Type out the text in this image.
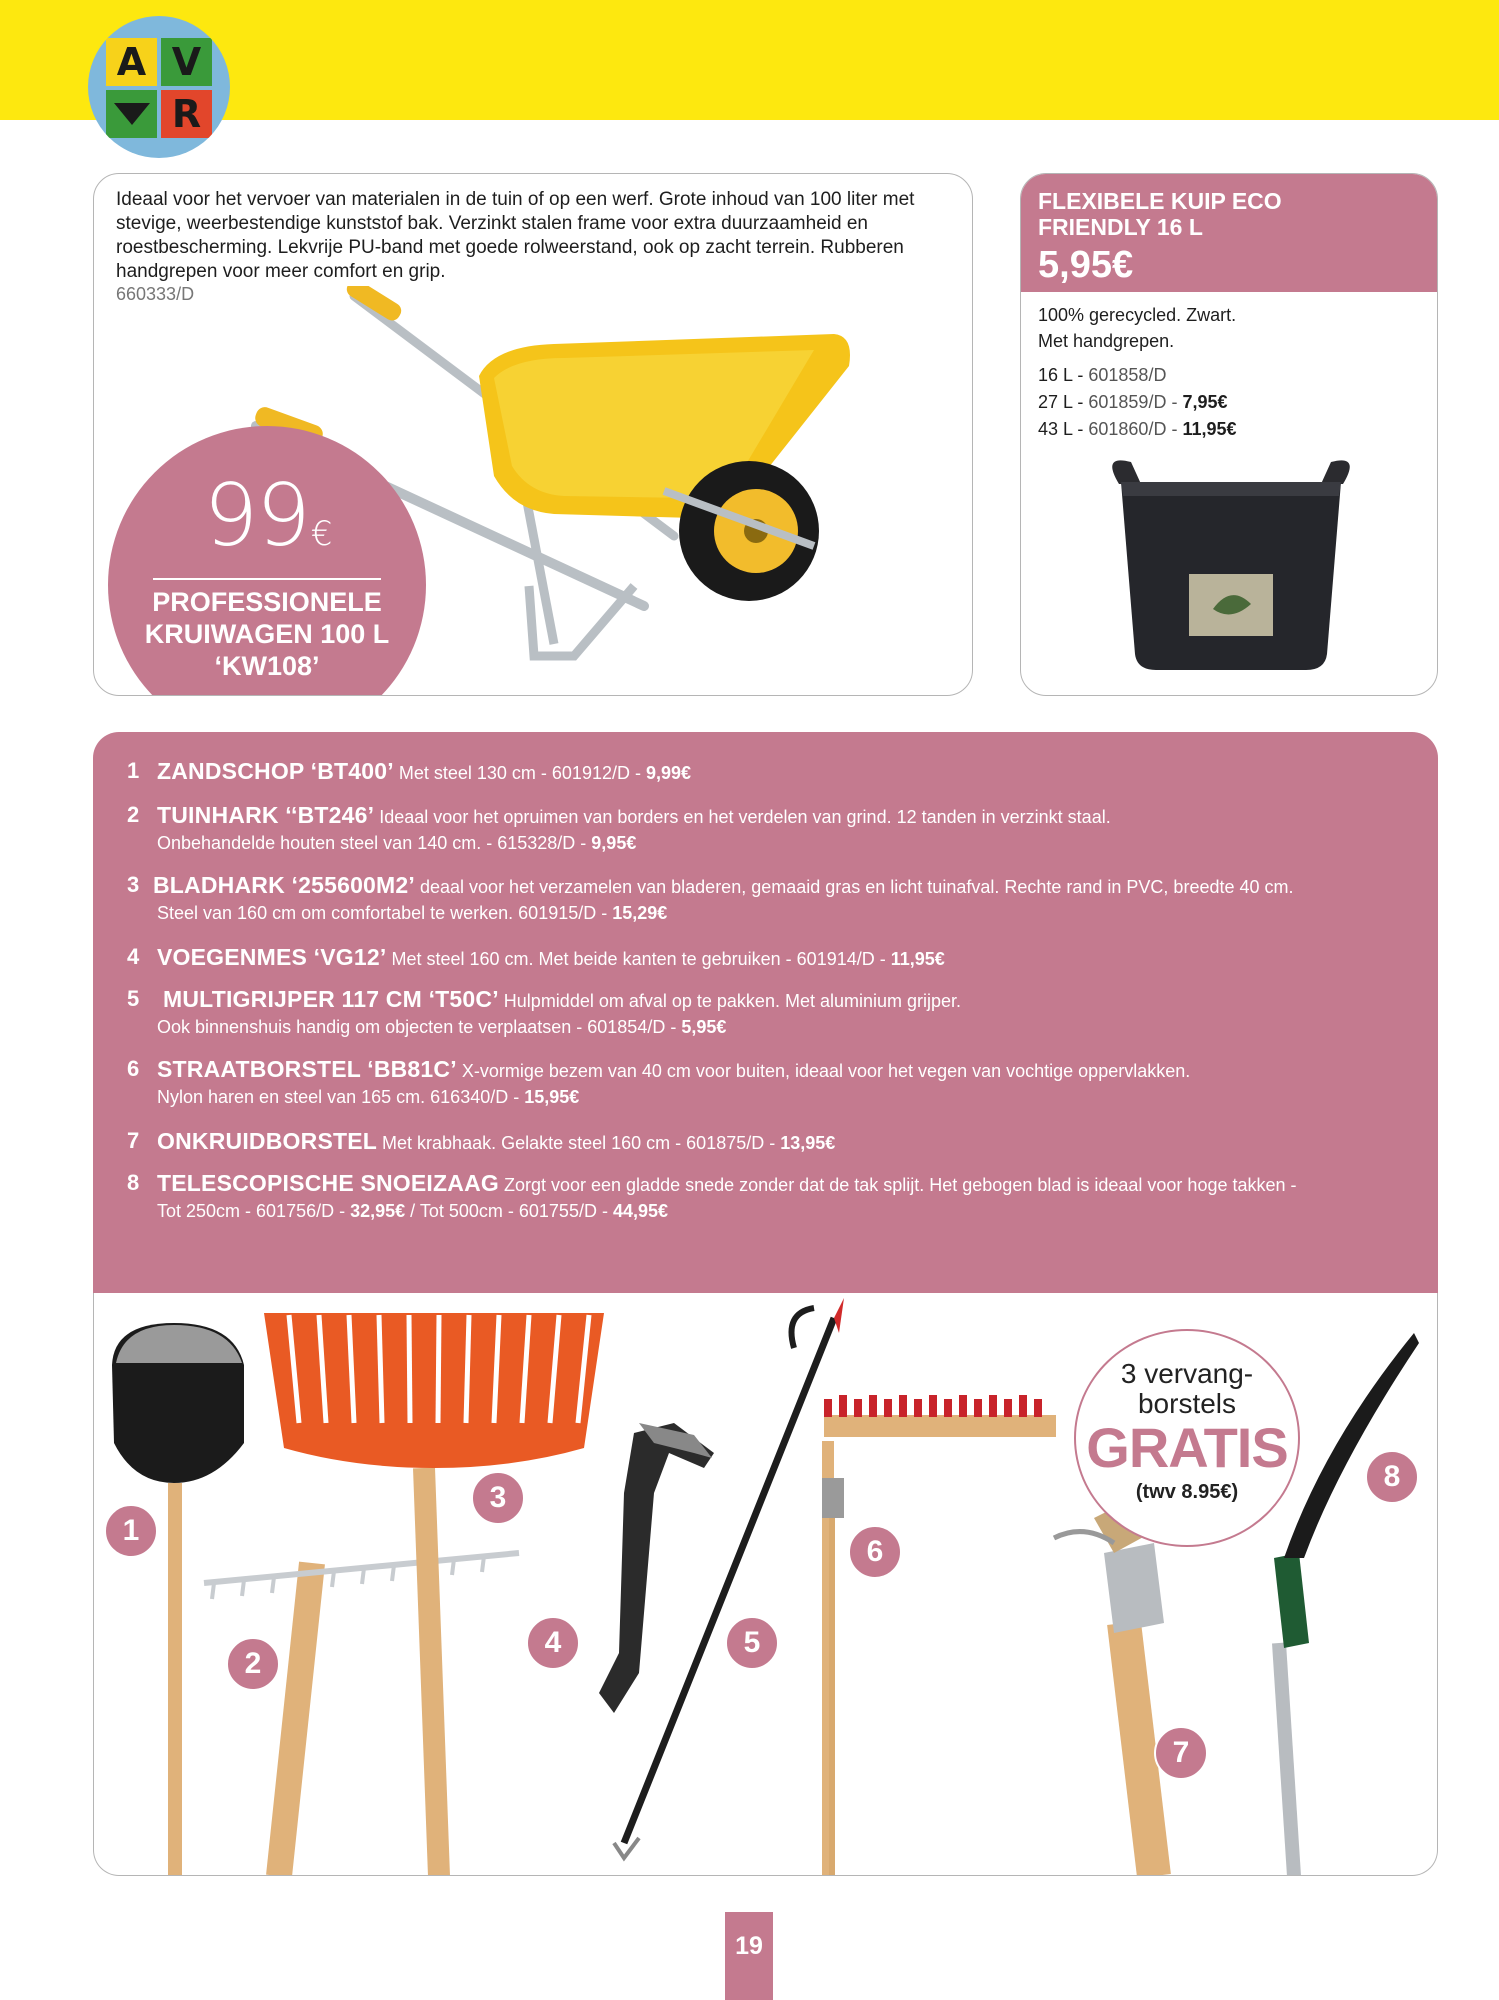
A V
R
Ideaal voor het vervoer van materialen in de tuin of op een werf. Grote inhoud van 100 liter met stevige, weerbestendige kunststof bak. Verzinkt stalen frame voor extra duurzaamheid en roestbescherming. Lekvrije PU-band met goede rolweerstand, ook op zacht terrein. Rubberen handgrepen voor meer comfort en grip.
660333/D
99€
PROFESSIONELE
KRUIWAGEN 100 L
‘KW108’
FLEXIBELE KUIP ECO
FRIENDLY 16 L
5,95€
100% gerecycled. Zwart.
Met handgrepen.
16 L - 601858/D
27 L - 601859/D - 7,95€
43 L - 601860/D - 11,95€
1 ZANDSCHOP ‘BT400’ Met steel 130 cm - 601912/D - 9,99€
2 TUINHARK ‘‘BT246’ Ideaal voor het opruimen van borders en het verdelen van grind. 12 tanden in verzinkt staal.
Onbehandelde houten steel van 140 cm. - 615328/D - 9,95€
3 BLADHARK ‘255600M2’ deaal voor het verzamelen van bladeren, gemaaid gras en licht tuinafval. Rechte rand in PVC, breedte 40 cm.
Steel van 160 cm om comfortabel te werken. 601915/D - 15,29€
4 VOEGENMES ‘VG12’ Met steel 160 cm. Met beide kanten te gebruiken - 601914/D - 11,95€
5	MULTIGRIJPER 117 CM ‘T50C’ Hulpmiddel om afval op te pakken. Met aluminium grijper.
Ook binnenshuis handig om objecten te verplaatsen - 601854/D - 5,95€
6 STRAATBORSTEL ‘BB81C’ X-vormige bezem van 40 cm voor buiten, ideaal voor het vegen van vochtige oppervlakken.
Nylon haren en steel van 165 cm. 616340/D - 15,95€
7 ONKRUIDBORSTEL Met krabhaak. Gelakte steel 160 cm - 601875/D - 13,95€
8 TELESCOPISCHE SNOEIZAAG Zorgt voor een gladde snede zonder dat de tak splijt. Het gebogen blad is ideaal voor hoge takken -
Tot 250cm - 601756/D - 32,95€ / Tot 500cm - 601755/D - 44,95€
1
2
3
4	5
6
7
8
3 vervang-
borstels
GRATIS
(twv 8.95€)
19
